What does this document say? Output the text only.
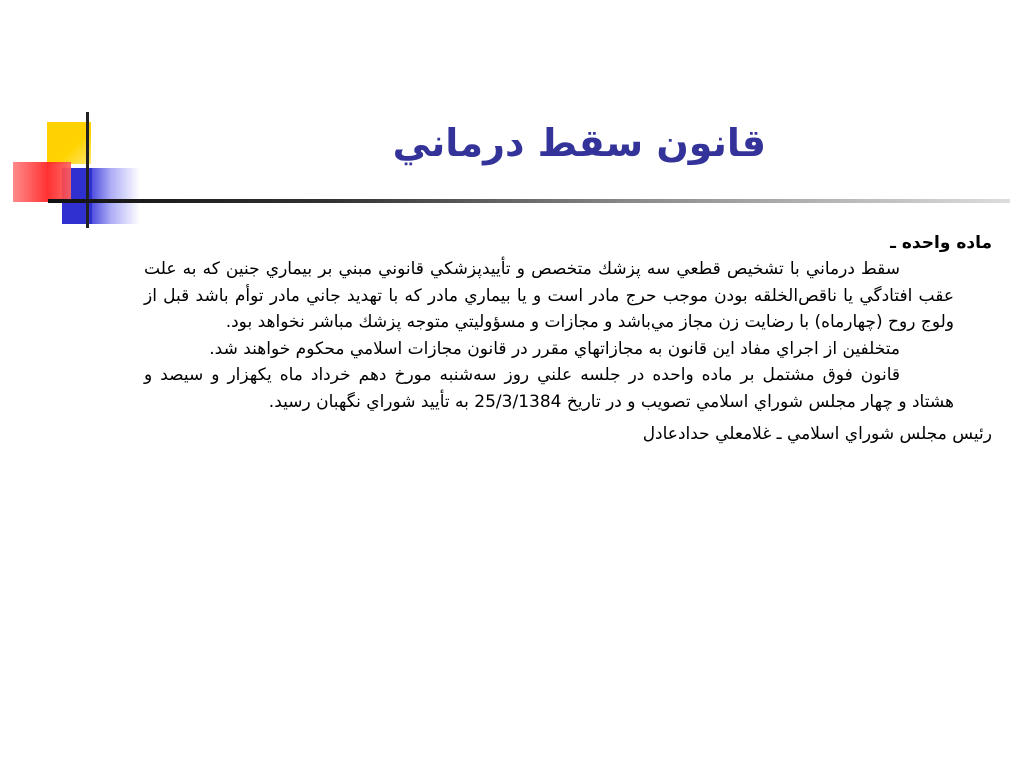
قانون سقط درماني
ماده واحده ـ

سقط درماني با تشخيص قطعي سه پزشك متخصص و تأييدپزشكي قانوني مبني بر بيماري جنين كه به علت عقب افتادگي يا ناقص‌الخلقه بودن موجب حرج مادر است و يا بيماري مادر كه با تهديد جاني مادر توأم باشد قبل از ولوج روح (چهارماه) با رضايت زن مجاز مي‌باشد و مجازات و مسؤوليتي متوجه پزشك مباشر نخواهد بود.

متخلفين از اجراي مفاد اين قانون به مجازاتهاي مقرر در قانون مجازات اسلامي محكوم خواهند شد.

قانون فوق مشتمل بر ماده واحده در جلسه علني روز سه‌شنبه مورخ دهم خرداد ماه يكهزار و سيصد و هشتاد و چهار مجلس شوراي اسلامي تصويب و در تاريخ 25/3/1384 به تأييد شوراي نگهبان رسيد.

رئيس مجلس شوراي اسلامي ـ غلامعلي حدادعادل
